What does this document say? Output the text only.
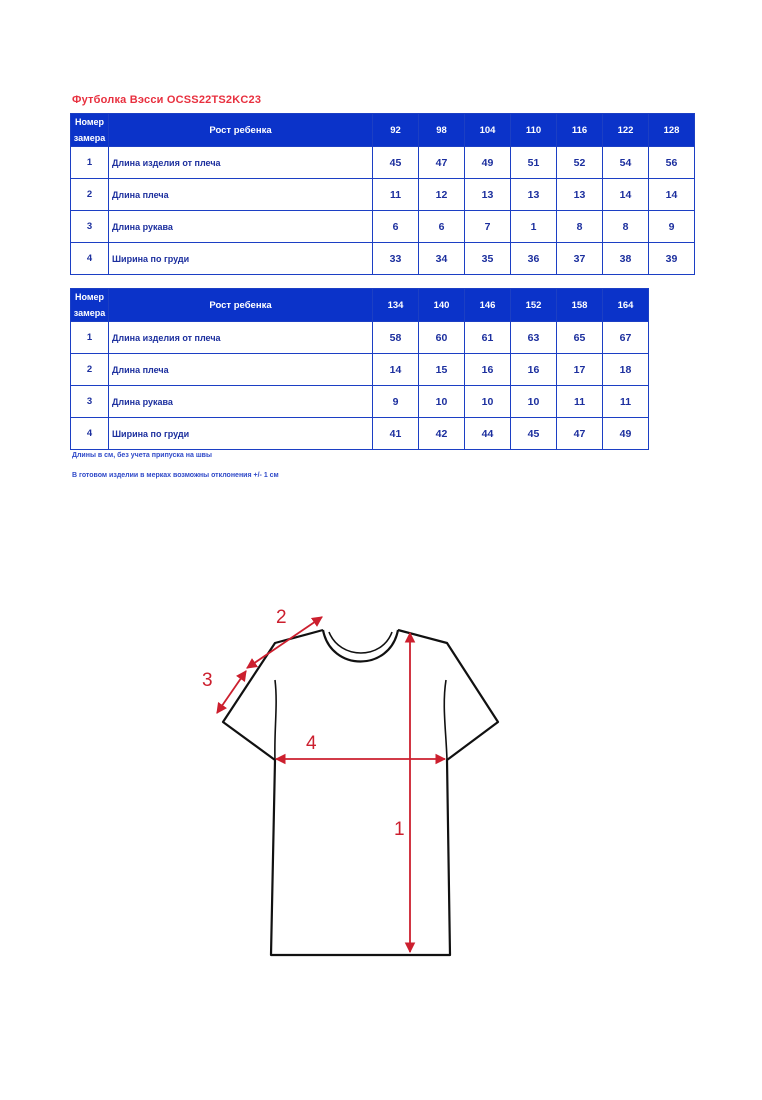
Футболка Вэсси OCSS22TS2KC23
Номер замера	Рост ребенка	92	98	104	110	116	122	128
1	Длина изделия от плеча	45	47	49	51	52	54	56
2	Длина плеча	11	12	13	13	13	14	14
3	Длина рукава	6	6	7	1	8	8	9
4	Ширина по груди	33	34	35	36	37	38	39
Номер замера	Рост ребенка	134	140	146	152	158	164
1	Длина изделия от плеча	58	60	61	63	65	67
2	Длина плеча	14	15	16	16	17	18
3	Длина рукава	9	10	10	10	11	11
4	Ширина по груди	41	42	44	45	47	49
Длины в см, без учета припуска на швы
В готовом изделии в мерках возможны отклонения +/- 1 см
1
2
3
4
